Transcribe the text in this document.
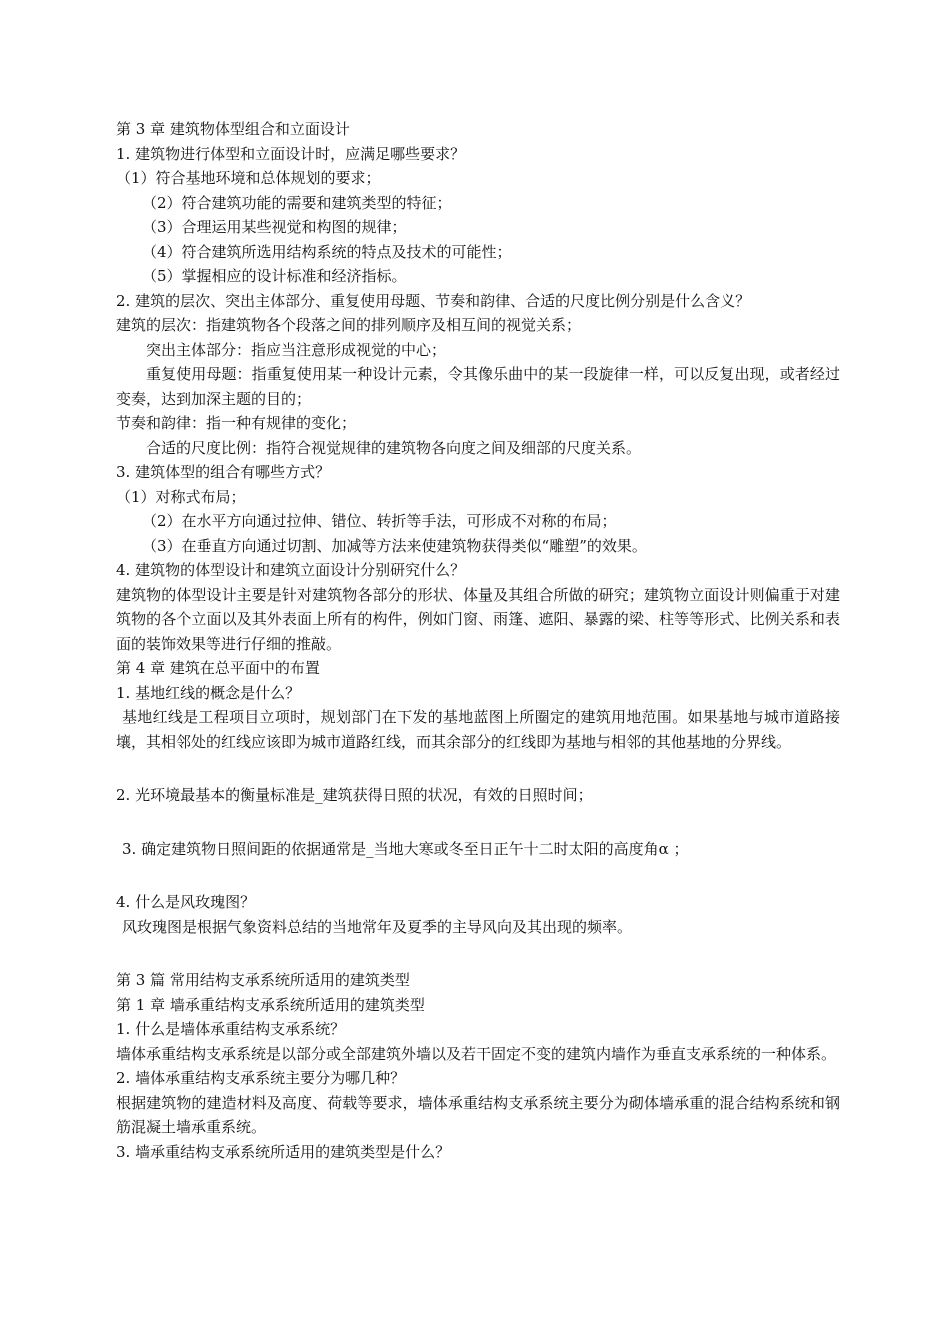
第 3 章 建筑物体型组合和立面设计
1. 建筑物进行体型和立面设计时，应满足哪些要求？
（1）符合基地环境和总体规划的要求；
（2）符合建筑功能的需要和建筑类型的特征；
（3）合理运用某些视觉和构图的规律；
（4）符合建筑所选用结构系统的特点及技术的可能性；
（5）掌握相应的设计标准和经济指标。
2. 建筑的层次、突出主体部分、重复使用母题、节奏和韵律、合适的尺度比例分别是什么含义？
建筑的层次：指建筑物各个段落之间的排列顺序及相互间的视觉关系；
突出主体部分：指应当注意形成视觉的中心；
重复使用母题：指重复使用某一种设计元素，令其像乐曲中的某一段旋律一样，可以反复出现，或者经过变奏，达到加深主题的目的；
节奏和韵律：指一种有规律的变化；
合适的尺度比例：指符合视觉规律的建筑物各向度之间及细部的尺度关系。
3. 建筑体型的组合有哪些方式？
（1）对称式布局；
（2）在水平方向通过拉伸、错位、转折等手法，可形成不对称的布局；
（3）在垂直方向通过切割、加减等方法来使建筑物获得类似“雕塑”的效果。
4. 建筑物的体型设计和建筑立面设计分别研究什么？
建筑物的体型设计主要是针对建筑物各部分的形状、体量及其组合所做的研究；建筑物立面设计则偏重于对建筑物的各个立面以及其外表面上所有的构件，例如门窗、雨篷、遮阳、暴露的梁、柱等等形式、比例关系和表面的装饰效果等进行仔细的推敲。
第 4 章 建筑在总平面中的布置
1. 基地红线的概念是什么？
基地红线是工程项目立项时，规划部门在下发的基地蓝图上所圈定的建筑用地范围。如果基地与城市道路接壤，其相邻处的红线应该即为城市道路红线，而其余部分的红线即为基地与相邻的其他基地的分界线。
2. 光环境最基本的衡量标准是_建筑获得日照的状况，有效的日照时间；
3. 确定建筑物日照间距的依据通常是_当地大寒或冬至日正午十二时太阳的高度角α ；
4. 什么是风玫瑰图？
风玫瑰图是根据气象资料总结的当地常年及夏季的主导风向及其出现的频率。
第 3 篇 常用结构支承系统所适用的建筑类型
第 1 章 墙承重结构支承系统所适用的建筑类型
1. 什么是墙体承重结构支承系统？
墙体承重结构支承系统是以部分或全部建筑外墙以及若干固定不变的建筑内墙作为垂直支承系统的一种体系。
2. 墙体承重结构支承系统主要分为哪几种？
根据建筑物的建造材料及高度、荷载等要求，墙体承重结构支承系统主要分为砌体墙承重的混合结构系统和钢筋混凝土墙承重系统。
3. 墙承重结构支承系统所适用的建筑类型是什么？
